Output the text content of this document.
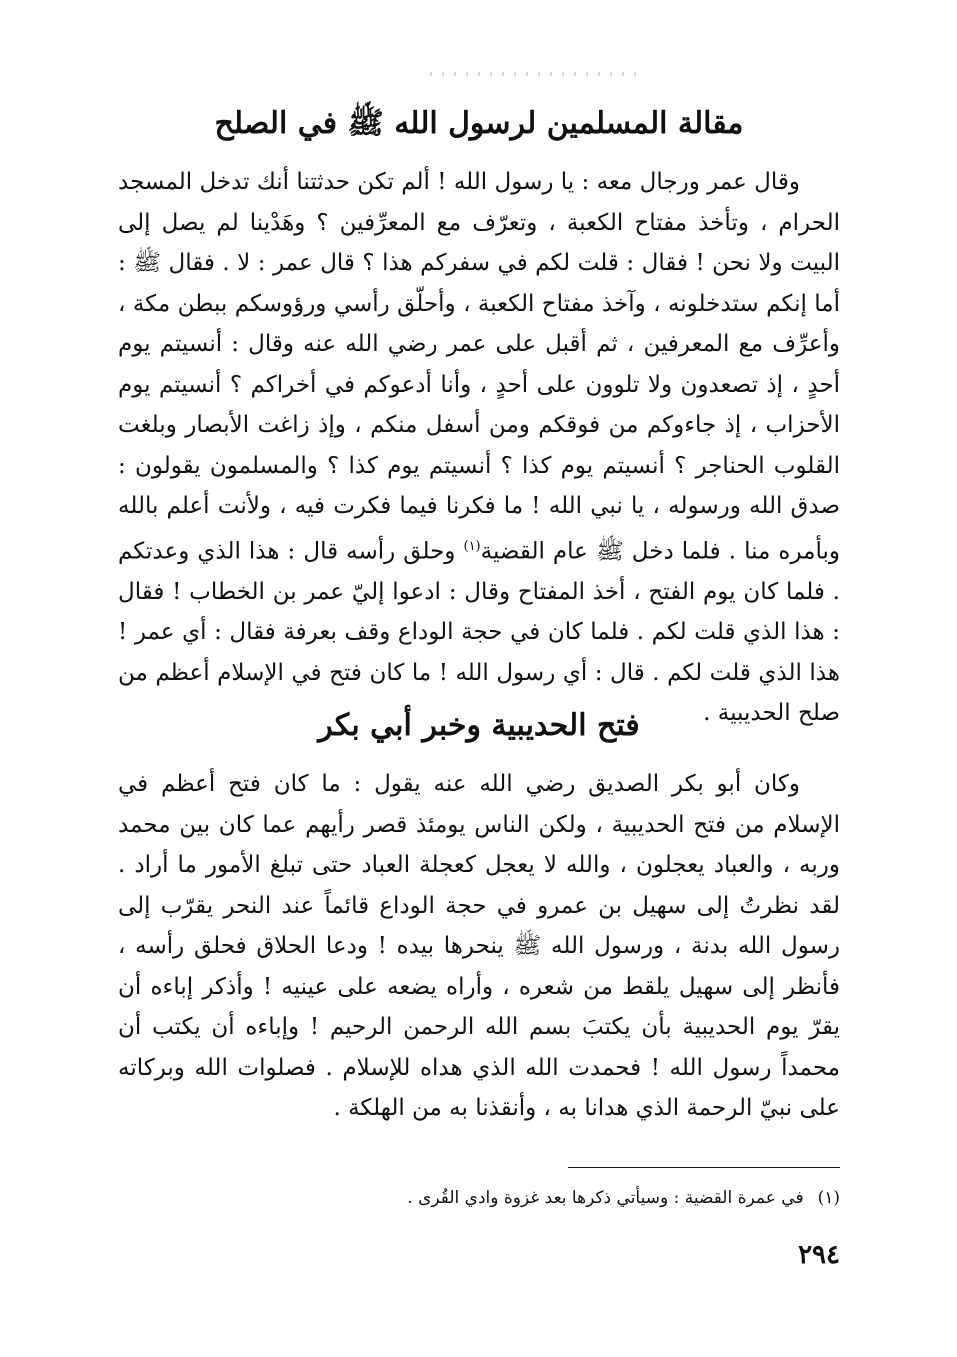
مقالة المسلمين لرسول الله ﷺ في الصلح

وقال عمر ورجال معه : يا رسول الله ! ألم تكن حدثتنا أنك تدخل المسجد الحرام ، وتأخذ مفتاح الكعبة ، وتعرّف مع المعرِّفين ؟ وهَدْينا لم يصل إلى البيت ولا نحن ! فقال : قلت لكم في سفركم هذا ؟ قال عمر : لا . فقال ﷺ : أما إنكم ستدخلونه ، وآخذ مفتاح الكعبة ، وأحلّق رأسي ورؤوسكم ببطن مكة ، وأعرِّف مع المعرفين ، ثم أقبل على عمر رضي الله عنه وقال : أنسيتم يوم أحدٍ ، إذ تصعدون ولا تلوون على أحدٍ ، وأنا أدعوكم في أخراكم ؟ أنسيتم يوم الأحزاب ، إذ جاءوكم من فوقكم ومن أسفل منكم ، وإذ زاغت الأبصار وبلغت القلوب الحناجر ؟ أنسيتم يوم كذا ؟ أنسيتم يوم كذا ؟ والمسلمون يقولون : صدق الله ورسوله ، يا نبي الله ! ما فكرنا فيما فكرت فيه ، ولأنت أعلم بالله وبأمره منا . فلما دخل ﷺ عام القضية$^{(١)}$ وحلق رأسه قال : هذا الذي وعدتكم . فلما كان يوم الفتح ، أخذ المفتاح وقال : ادعوا إليّ عمر بن الخطاب ! فقال : هذا الذي قلت لكم . فلما كان في حجة الوداع وقف بعرفة فقال : أي عمر ! هذا الذي قلت لكم . قال : أي رسول الله ! ما كان فتح في الإسلام أعظم من صلح الحديبية .

فتح الحديبية وخبر أبي بكر

وكان أبو بكر الصديق رضي الله عنه يقول : ما كان فتح أعظم في الإسلام من فتح الحديبية ، ولكن الناس يومئذ قصر رأيهم عما كان بين محمد وربه ، والعباد يعجلون ، والله لا يعجل كعجلة العباد حتى تبلغ الأمور ما أراد . لقد نظرتُ إلى سهيل بن عمرو في حجة الوداع قائماً عند النحر يقرّب إلى رسول الله بدنة ، ورسول الله ﷺ ينحرها بيده ! ودعا الحلاق فحلق رأسه ، فأنظر إلى سهيل يلقط من شعره ، وأراه يضعه على عينيه ! وأذكر إباءه أن يقرّ يوم الحديبية بأن يكتبَ بسم الله الرحمن الرحيم ! وإباءه أن يكتب أن محمداً رسول الله ! فحمدت الله الذي هداه للإسلام . فصلوات الله وبركاته على نبيّ الرحمة الذي هدانا به ، وأنقذنا به من الهلكة .

(١)في عمرة القضية : وسيأتي ذكرها بعد غزوة وادي القُرى .

٢٩٤
